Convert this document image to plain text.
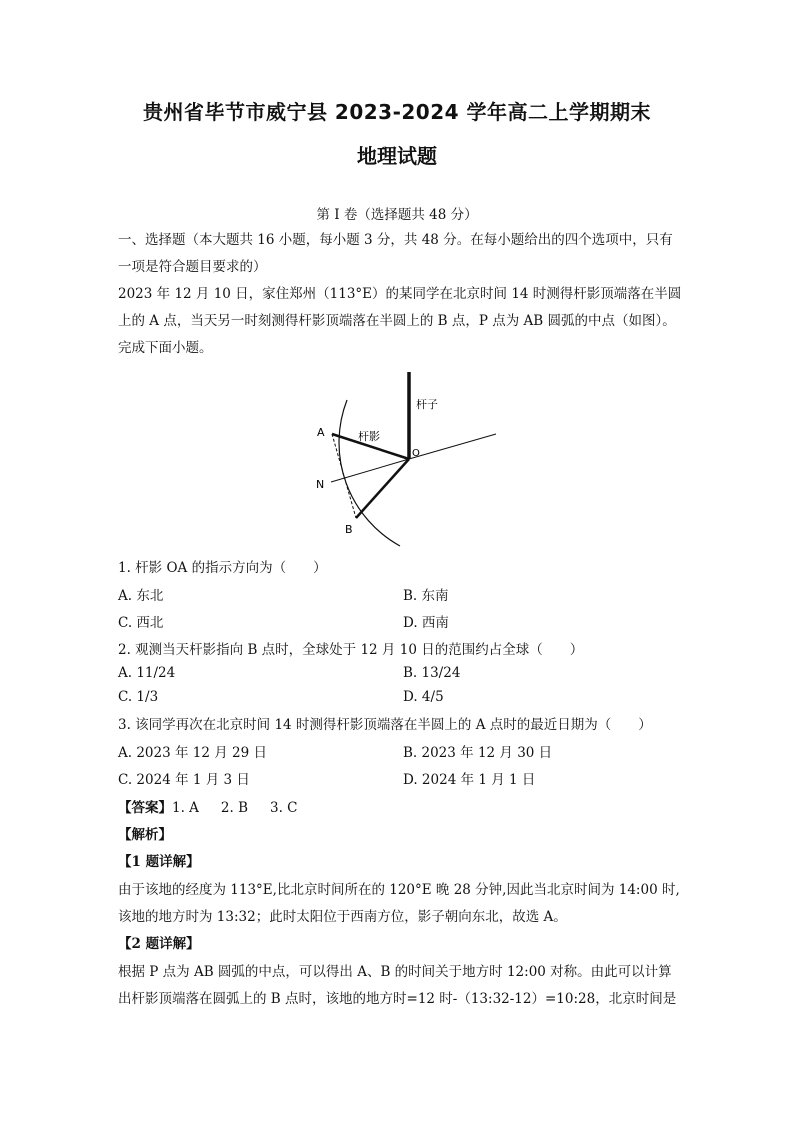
贵州省毕节市威宁县 2023-2024 学年高二上学期期末
地理试题
第 I 卷（选择题共 48 分）
一、选择题（本大题共 16 小题，每小题 3 分，共 48 分。在每小题给出的四个选项中，只有
一项是符合题目要求的）
2023 年 12 月 10 日，家住郑州（113°E）的某同学在北京时间 14 时测得杆影顶端落在半圆
上的 A 点，当天另一时刻测得杆影顶端落在半圆上的 B 点，P 点为 AB 圆弧的中点（如图）。
完成下面小题。
杆子
杆影
A
N
B
O
1. 杆影 OA 的指示方向为（　　）
A. 东北	B. 东南
C. 西北	D. 西南
2. 观测当天杆影指向 B 点时，全球处于 12 月 10 日的范围约占全球（　　）
A. 11/24	B. 13/24
C. 1/3	D. 4/5
3. 该同学再次在北京时间 14 时测得杆影顶端落在半圆上的 A 点时的最近日期为（　　）
A. 2023 年 12 月 29 日	B. 2023 年 12 月 30 日
C. 2024 年 1 月 3 日	D. 2024 年 1 月 1 日
【答案】1. A 2. B 3. C
【解析】
【1 题详解】
由于该地的经度为 113°E,比北京时间所在的 120°E 晚 28 分钟,因此当北京时间为 14:00 时,
该地的地方时为 13:32；此时太阳位于西南方位，影子朝向东北，故选 A。
【2 题详解】
根据 P 点为 AB 圆弧的中点，可以得出 A、B 的时间关于地方时 12:00 对称。由此可以计算
出杆影顶端落在圆弧上的 B 点时，该地的地方时=12 时-（13:32-12）=10:28，北京时间是
